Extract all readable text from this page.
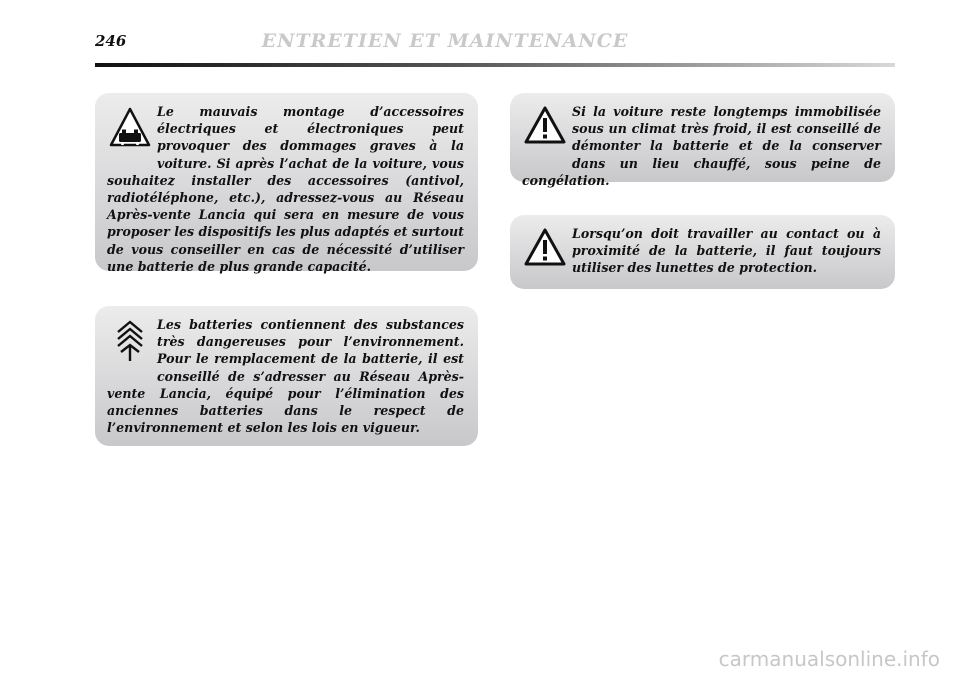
246	ENTRETIEN ET MAINTENANCE

Le mauvais montage d’accessoires électriques et électroniques peut provoquer des dommages graves à la voiture. Si après l’achat de la voiture, vous souhaitez installer des accessoires (antivol, radiotéléphone, etc.), adressez-vous au Réseau Après-vente Lancia qui sera en mesure de vous proposer les dispositifs les plus adaptés et surtout de vous conseiller en cas de nécessité d’utiliser une batterie de plus grande capacité.

Les batteries contiennent des substances très dangereuses pour l’environnement. Pour le remplacement de la batterie, il est conseillé de s’adresser au Réseau Après-vente Lancia, équipé pour l’élimination des anciennes batteries dans le respect de l’environnement et selon les lois en vigueur.

Si la voiture reste longtemps immobilisée sous un climat très froid, il est conseillé de démonter la batterie et de la conserver dans un lieu chauffé, sous peine de congélation.

Lorsqu’on doit travailler au contact ou à proximité de la batterie, il faut toujours utiliser des lunettes de protection.

carmanualsonline.info
